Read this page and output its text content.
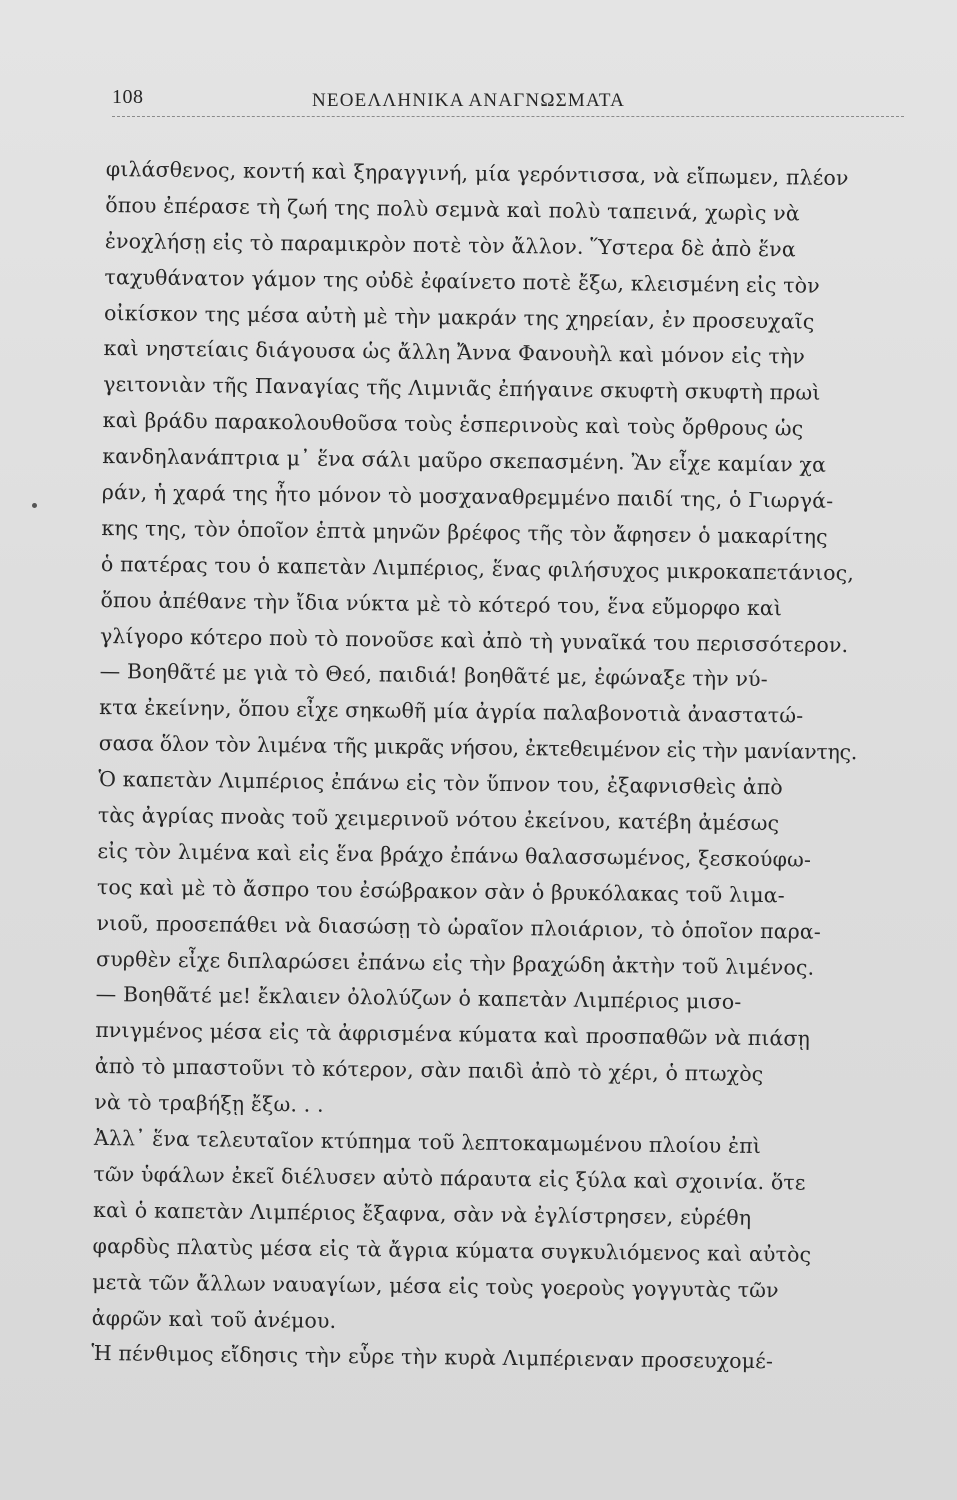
108	ΝΕΟΕΛΛΗΝΙΚΑ ΑΝΑΓΝΩΣΜΑΤΑ
φιλάσθενος, κοντή καὶ ξηραγγινή, μία γερόντισσα, νὰ εἴπωμεν, πλέον
ὅπου ἐπέρασε τὴ ζωή της πολὺ σεμνὰ καὶ πολὺ ταπεινά, χωρὶς νὰ
ἐνοχλήσῃ εἰς τὸ παραμικρὸν ποτὲ τὸν ἄλλον. Ὕστερα δὲ ἀπὸ ἕνα
ταχυθάνατον γάμον της οὐδὲ ἐφαίνετο ποτὲ ἔξω, κλεισμένη εἰς τὸν
οἰκίσκον της μέσα αὐτὴ μὲ τὴν μακράν της χηρείαν, ἐν προσευχαῖς
καὶ νηστείαις διάγουσα ὡς ἄλλη Ἄννα Φανουὴλ καὶ μόνον εἰς τὴν
γειτονιὰν τῆς Παναγίας τῆς Λιμνιᾶς ἐπήγαινε σκυφτὴ σκυφτὴ πρωὶ
καὶ βράδυ παρακολουθοῦσα τοὺς ἑσπερινοὺς καὶ τοὺς ὄρθρους ὡς
κανδηλανάπτρια μ᾿ ἕνα σάλι μαῦρο σκεπασμένη. Ἂν εἶχε καμίαν χα
ράν, ἡ χαρά της ἦτο μόνον τὸ μοσχαναθρεμμένο παιδί της, ὁ Γιωργά-
κης της, τὸν ὁποῖον ἑπτὰ μηνῶν βρέφος τῆς τὸν ἄφησεν ὁ μακαρίτης
ὁ πατέρας του ὁ καπετὰν Λιμπέριος, ἕνας φιλήσυχος μικροκαπετάνιος,
ὅπου ἀπέθανε τὴν ἴδια νύκτα μὲ τὸ κότερό του, ἕνα εὔμορφο καὶ
γλίγορο κότερο ποὺ τὸ πονοῦσε καὶ ἀπὸ τὴ γυναῖκά του περισσότερον.
— Βοηθᾶτέ με γιὰ τὸ Θεό, παιδιά! βοηθᾶτέ με, ἐφώναξε τὴν νύ-
κτα ἐκείνην, ὅπου εἶχε σηκωθῆ μία ἀγρία παλαβονοτιὰ ἀναστατώ-
σασα ὅλον τὸν λιμένα τῆς μικρᾶς νήσου, ἐκτεθειμένον εἰς τὴν μανίαντης.
Ὁ καπετὰν Λιμπέριος ἐπάνω εἰς τὸν ὕπνον του, ἐξαφνισθεὶς ἀπὸ
τὰς ἀγρίας πνοὰς τοῦ χειμερινοῦ νότου ἐκείνου, κατέβη ἀμέσως
εἰς τὸν λιμένα καὶ εἰς ἕνα βράχο ἐπάνω θαλασσωμένος, ξεσκούφω-
τος καὶ μὲ τὸ ἄσπρο του ἐσώβρακον σὰν ὁ βρυκόλακας τοῦ λιμα-
νιοῦ, προσεπάθει νὰ διασώσῃ τὸ ὡραῖον πλοιάριον, τὸ ὁποῖον παρα-
συρθὲν εἶχε διπλαρώσει ἐπάνω εἰς τὴν βραχώδη ἀκτὴν τοῦ λιμένος.
— Βοηθᾶτέ με! ἔκλαιεν ὀλολύζων ὁ καπετὰν Λιμπέριος μισο-
πνιγμένος μέσα εἰς τὰ ἀφρισμένα κύματα καὶ προσπαθῶν νὰ πιάσῃ
ἀπὸ τὸ μπαστοῦνι τὸ κότερον, σὰν παιδὶ ἀπὸ τὸ χέρι, ὁ πτωχὸς
νὰ τὸ τραβήξῃ ἔξω. . .
Ἀλλ᾿ ἕνα τελευταῖον κτύπημα τοῦ λεπτοκαμωμένου πλοίου ἐπὶ
τῶν ὑφάλων ἐκεῖ διέλυσεν αὐτὸ πάραυτα εἰς ξύλα καὶ σχοινία. ὅτε
καὶ ὁ καπετὰν Λιμπέριος ἔξαφνα, σὰν νὰ ἐγλίστρησεν, εὑρέθη
φαρδὺς πλατὺς μέσα εἰς τὰ ἄγρια κύματα συγκυλιόμενος καὶ αὐτὸς
μετὰ τῶν ἄλλων ναυαγίων, μέσα εἰς τοὺς γοεροὺς γογγυτὰς τῶν
ἀφρῶν καὶ τοῦ ἀνέμου.
Ἡ πένθιμος εἴδησις τὴν εὗρε τὴν κυρὰ Λιμπέριεναν προσευχομέ-
